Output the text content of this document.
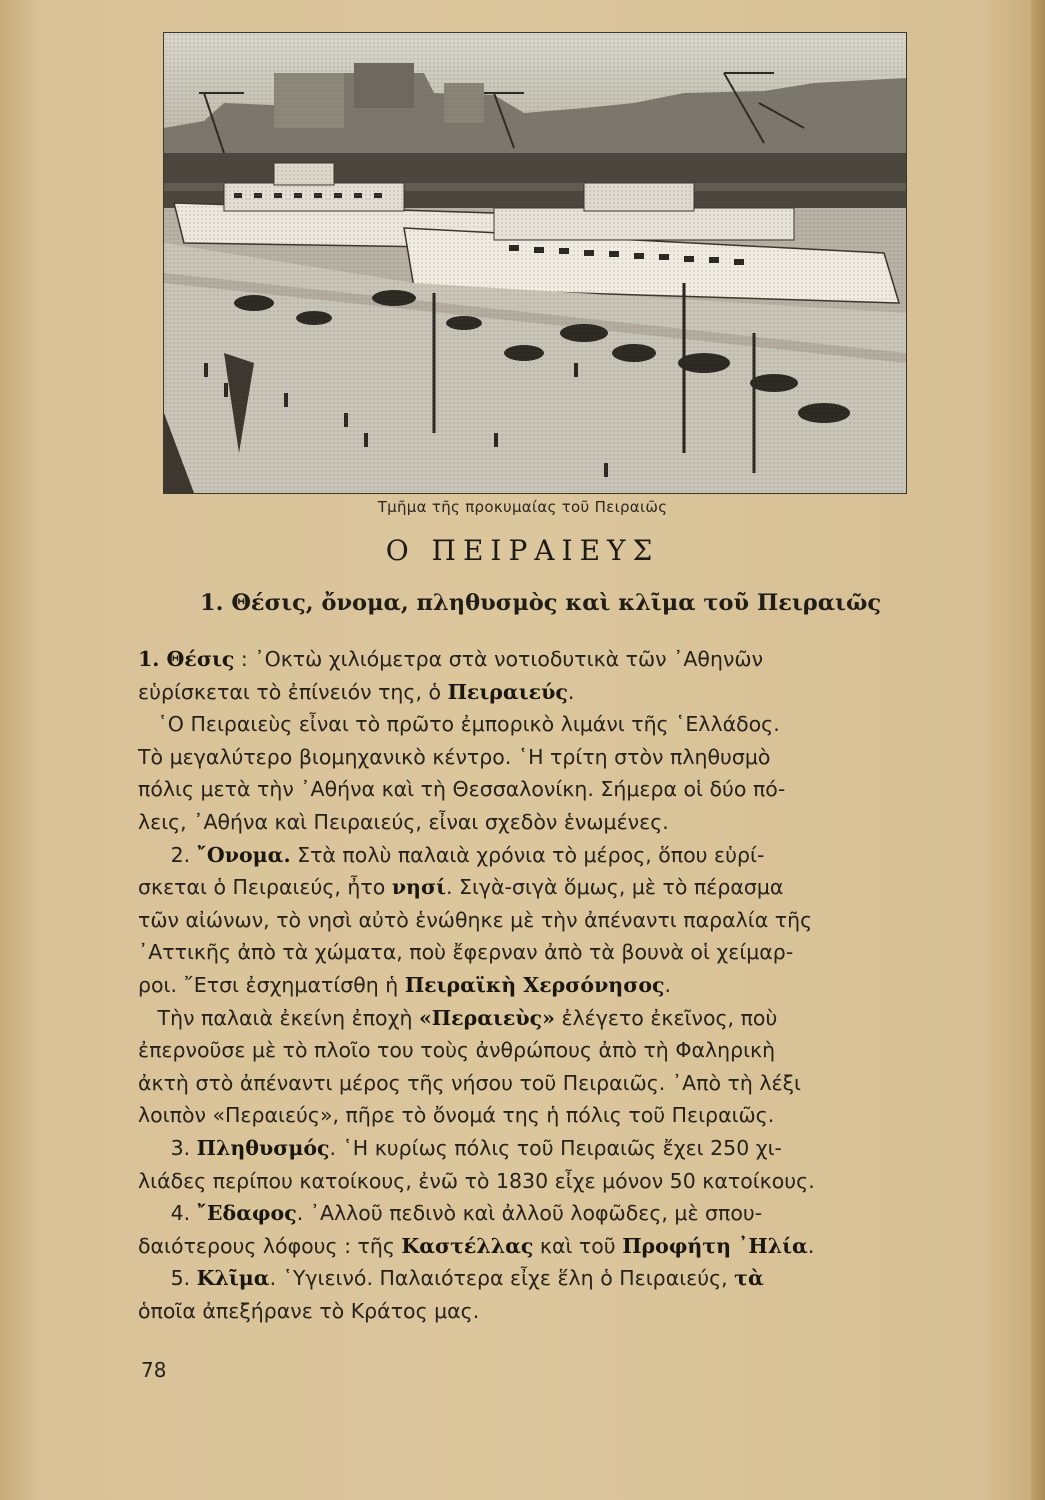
Τμῆμα τῆς προκυμαίας τοῦ Πειραιῶς
Ο ΠΕΙΡΑΙΕΥΣ
1. Θέσις, ὄνομα, πληθυσμὸς καὶ κλῖμα τοῦ Πειραιῶς
1. Θέσις : ᾿Οκτὼ χιλιόμετρα στὰ νοτιοδυτικὰ τῶν ᾿Αθηνῶν
εὑρίσκεται τὸ ἐπίνειόν της, ὁ Πειραιεύς.
῾Ο Πειραιεὺς εἶναι τὸ πρῶτο ἐμπορικὸ λιμάνι τῆς ῾Ελλάδος.
Τὸ μεγαλύτερο βιομηχανικὸ κέντρο. ῾Η τρίτη στὸν πληθυσμὸ
πόλις μετὰ τὴν ᾿Αθήνα καὶ τὴ Θεσσαλονίκη. Σήμερα οἱ δύο πό-
λεις, ᾿Αθήνα καὶ Πειραιεύς, εἶναι σχεδὸν ἑνωμένες.
2. ῎Ονομα. Στὰ πολὺ παλαιὰ χρόνια τὸ μέρος, ὅπου εὑρί-
σκεται ὁ Πειραιεύς, ἦτο νησί. Σιγὰ-σιγὰ ὅμως, μὲ τὸ πέρασμα
τῶν αἰώνων, τὸ νησὶ αὐτὸ ἑνώθηκε μὲ τὴν ἀπέναντι παραλία τῆς
᾿Αττικῆς ἀπὸ τὰ χώματα, ποὺ ἔφερναν ἀπὸ τὰ βουνὰ οἱ χείμαρ-
ροι. ῎Ετσι ἐσχηματίσθη ἡ Πειραϊκὴ Χερσόνησος.
Τὴν παλαιὰ ἐκείνη ἐποχὴ «Περαιεὺς» ἐλέγετο ἐκεῖνος, ποὺ
ἐπερνοῦσε μὲ τὸ πλοῖο του τοὺς ἀνθρώπους ἀπὸ τὴ Φαληρικὴ
ἀκτὴ στὸ ἀπέναντι μέρος τῆς νήσου τοῦ Πειραιῶς. ᾿Απὸ τὴ λέξι
λοιπὸν «Περαιεύς», πῆρε τὸ ὄνομά της ἡ πόλις τοῦ Πειραιῶς.
3. Πληθυσμός. ῾Η κυρίως πόλις τοῦ Πειραιῶς ἔχει 250 χι-
λιάδες περίπου κατοίκους, ἐνῶ τὸ 1830 εἶχε μόνον 50 κατοίκους.
4. ῎Εδαφος. ᾿Αλλοῦ πεδινὸ καὶ ἀλλοῦ λοφῶδες, μὲ σπου-
δαιότερους λόφους : τῆς Καστέλλας καὶ τοῦ Προφήτη ᾿Ηλία.
5. Κλῖμα. ῾Υγιεινό. Παλαιότερα εἶχε ἕλη ὁ Πειραιεύς, τὰ
ὁποῖα ἀπεξήρανε τὸ Κράτος μας.
78
